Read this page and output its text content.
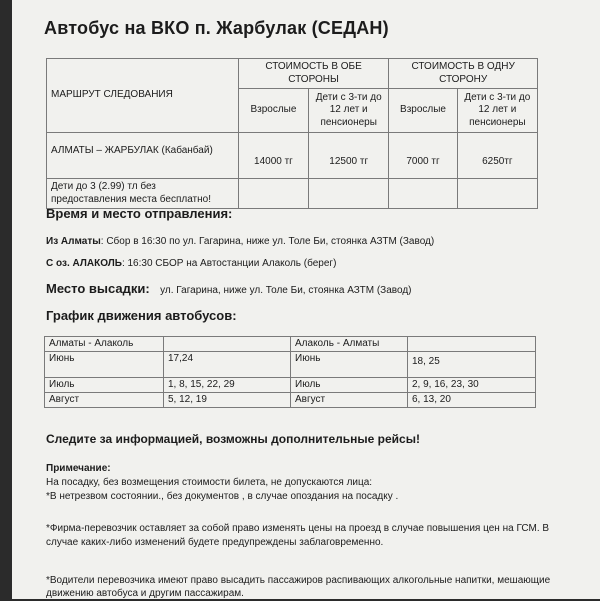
Автобус на ВКО п. Жарбулак (СЕДАН)
МАРШРУТ СЛЕДОВАНИЯ	СТОИМОСТЬ В ОБЕ СТОРОНЫ		СТОИМОСТЬ В ОДНУ СТОРОНУ	
	Взрослые	Дети с 3-ти до 12 лет и пенсионеры	Взрослые	Дети с 3-ти до 12 лет и пенсионеры
АЛМАТЫ – ЖАРБУЛАК (Кабанбай)	14000 тг	12500 тг	7000 тг	6250тг
Дети до 3 (2.99) тл без предоставления места бесплатно!				
Время и место отправления:
Из Алматы: Сбор в 16:30 по ул. Гагарина, ниже ул. Толе Би, стоянка АЗТМ (Завод)
С оз. АЛАКОЛЬ: 16:30 СБОР на Автостанции Алаколь (берег)
Место высадки: ул. Гагарина, ниже ул. Толе Би, стоянка АЗТМ (Завод)
График движения автобусов:
Алматы - Алаколь		Алаколь - Алматы	
Июнь	17,24	Июнь	18, 25
Июль	1, 8, 15, 22, 29	Июль	2, 9, 16, 23, 30
Август	5, 12, 19	Август	6, 13, 20
Следите за информацией, возможны дополнительные рейсы!
Примечание:
На посадку, без возмещения стоимости билета, не допускаются лица:
*В нетрезвом состоянии., без документов , в случае опоздания на посадку .
*Фирма-перевозчик оставляет за собой право изменять цены на проезд в случае повышения цен на ГСМ. В
случае каких-либо изменений будете предупреждены заблаговременно.
*Водители перевозчика имеют право высадить пассажиров распивающих алкогольные напитки, мешающие
движению автобуса и другим пассажирам.
